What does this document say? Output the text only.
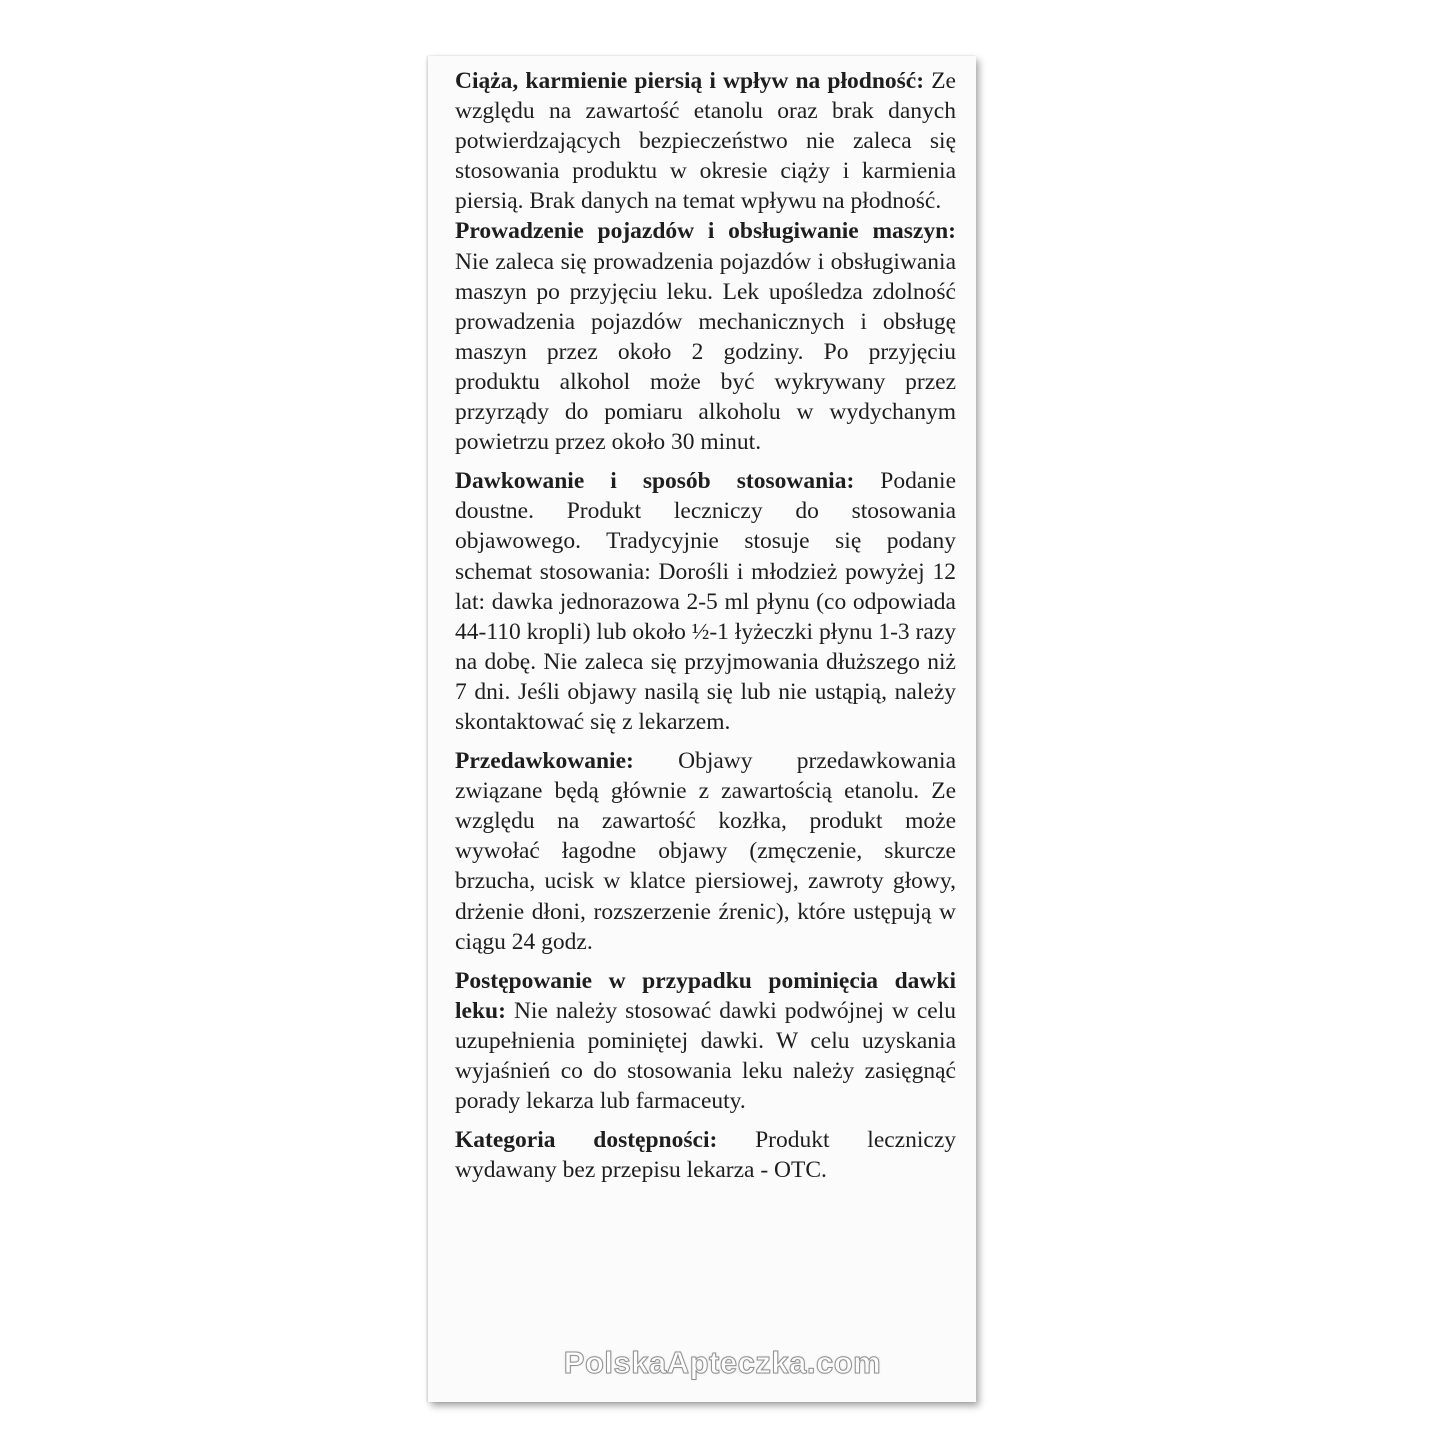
Ciąża, karmienie piersią i wpływ na płodność: Ze względu na zawartość etanolu oraz brak danych potwierdzających bezpieczeństwo nie zaleca się stosowania produktu w okresie ciąży i karmienia piersią. Brak danych na temat wpływu na płodność.

Prowadzenie pojazdów i obsługiwanie maszyn: Nie zaleca się prowadzenia pojazdów i obsługiwania maszyn po przyjęciu leku. Lek upośledza zdolność prowadzenia pojazdów mechanicznych i obsługę maszyn przez około 2 godziny. Po przyjęciu produktu alkohol może być wykrywany przez przyrządy do pomiaru alkoholu w wydychanym powietrzu przez około 30 minut.

Dawkowanie i sposób stosowania: Podanie doustne. Produkt leczniczy do stosowania objawowego. Tradycyjnie stosuje się podany schemat stosowania: Dorośli i młodzież powyżej 12 lat: dawka jednorazowa 2-5 ml płynu (co odpowiada 44-110 kropli) lub około ½-1 łyżeczki płynu 1-3 razy na dobę. Nie zaleca się przyjmowania dłuższego niż 7 dni. Jeśli objawy nasilą się lub nie ustąpią, należy skontaktować się z lekarzem.

Przedawkowanie: Objawy przedawkowania związane będą głównie z zawartością etanolu. Ze względu na zawartość kozłka, produkt może wywołać łagodne objawy (zmęczenie, skurcze brzucha, ucisk w klatce piersiowej, zawroty głowy, drżenie dłoni, rozszerzenie źrenic), które ustępują w ciągu 24 godz.

Postępowanie w przypadku pominięcia dawki leku: Nie należy stosować dawki podwójnej w celu uzupełnienia pominiętej dawki. W celu uzyskania wyjaśnień co do stosowania leku należy zasięgnąć porady lekarza lub farmaceuty.

Kategoria dostępności: Produkt leczniczy wydawany bez przepisu lekarza - OTC.

PolskaApteczka.com
